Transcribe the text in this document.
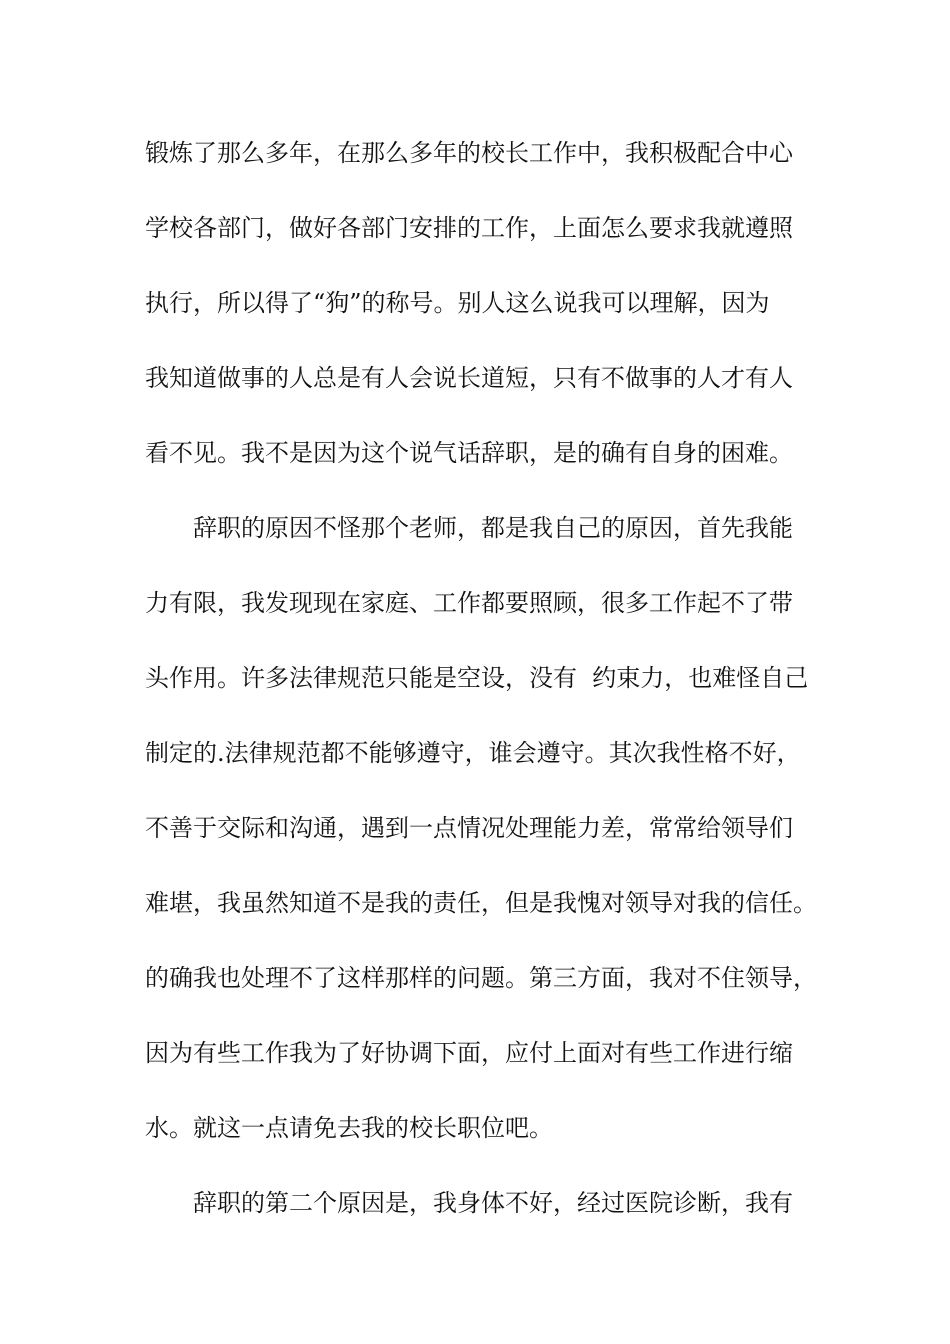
锻炼了那么多年，在那么多年的校长工作中，我积极配合中心
学校各部门，做好各部门安排的工作，上面怎么要求我就遵照
执行，所以得了“狗”的称号。别人这么说我可以理解，因为
我知道做事的人总是有人会说长道短，只有不做事的人才有人
看不见。我不是因为这个说气话辞职，是的确有自身的困难。
辞职的原因不怪那个老师，都是我自己的原因，首先我能
力有限，我发现现在家庭、工作都要照顾，很多工作起不了带
头作用。许多法律规范只能是空设，没有  约束力，也难怪自己
制定的.法律规范都不能够遵守，谁会遵守。其次我性格不好，
不善于交际和沟通，遇到一点情况处理能力差，常常给领导们
难堪，我虽然知道不是我的责任，但是我愧对领导对我的信任。
的确我也处理不了这样那样的问题。第三方面，我对不住领导，
因为有些工作我为了好协调下面，应付上面对有些工作进行缩
水。就这一点请免去我的校长职位吧。
辞职的第二个原因是，我身体不好，经过医院诊断，我有
